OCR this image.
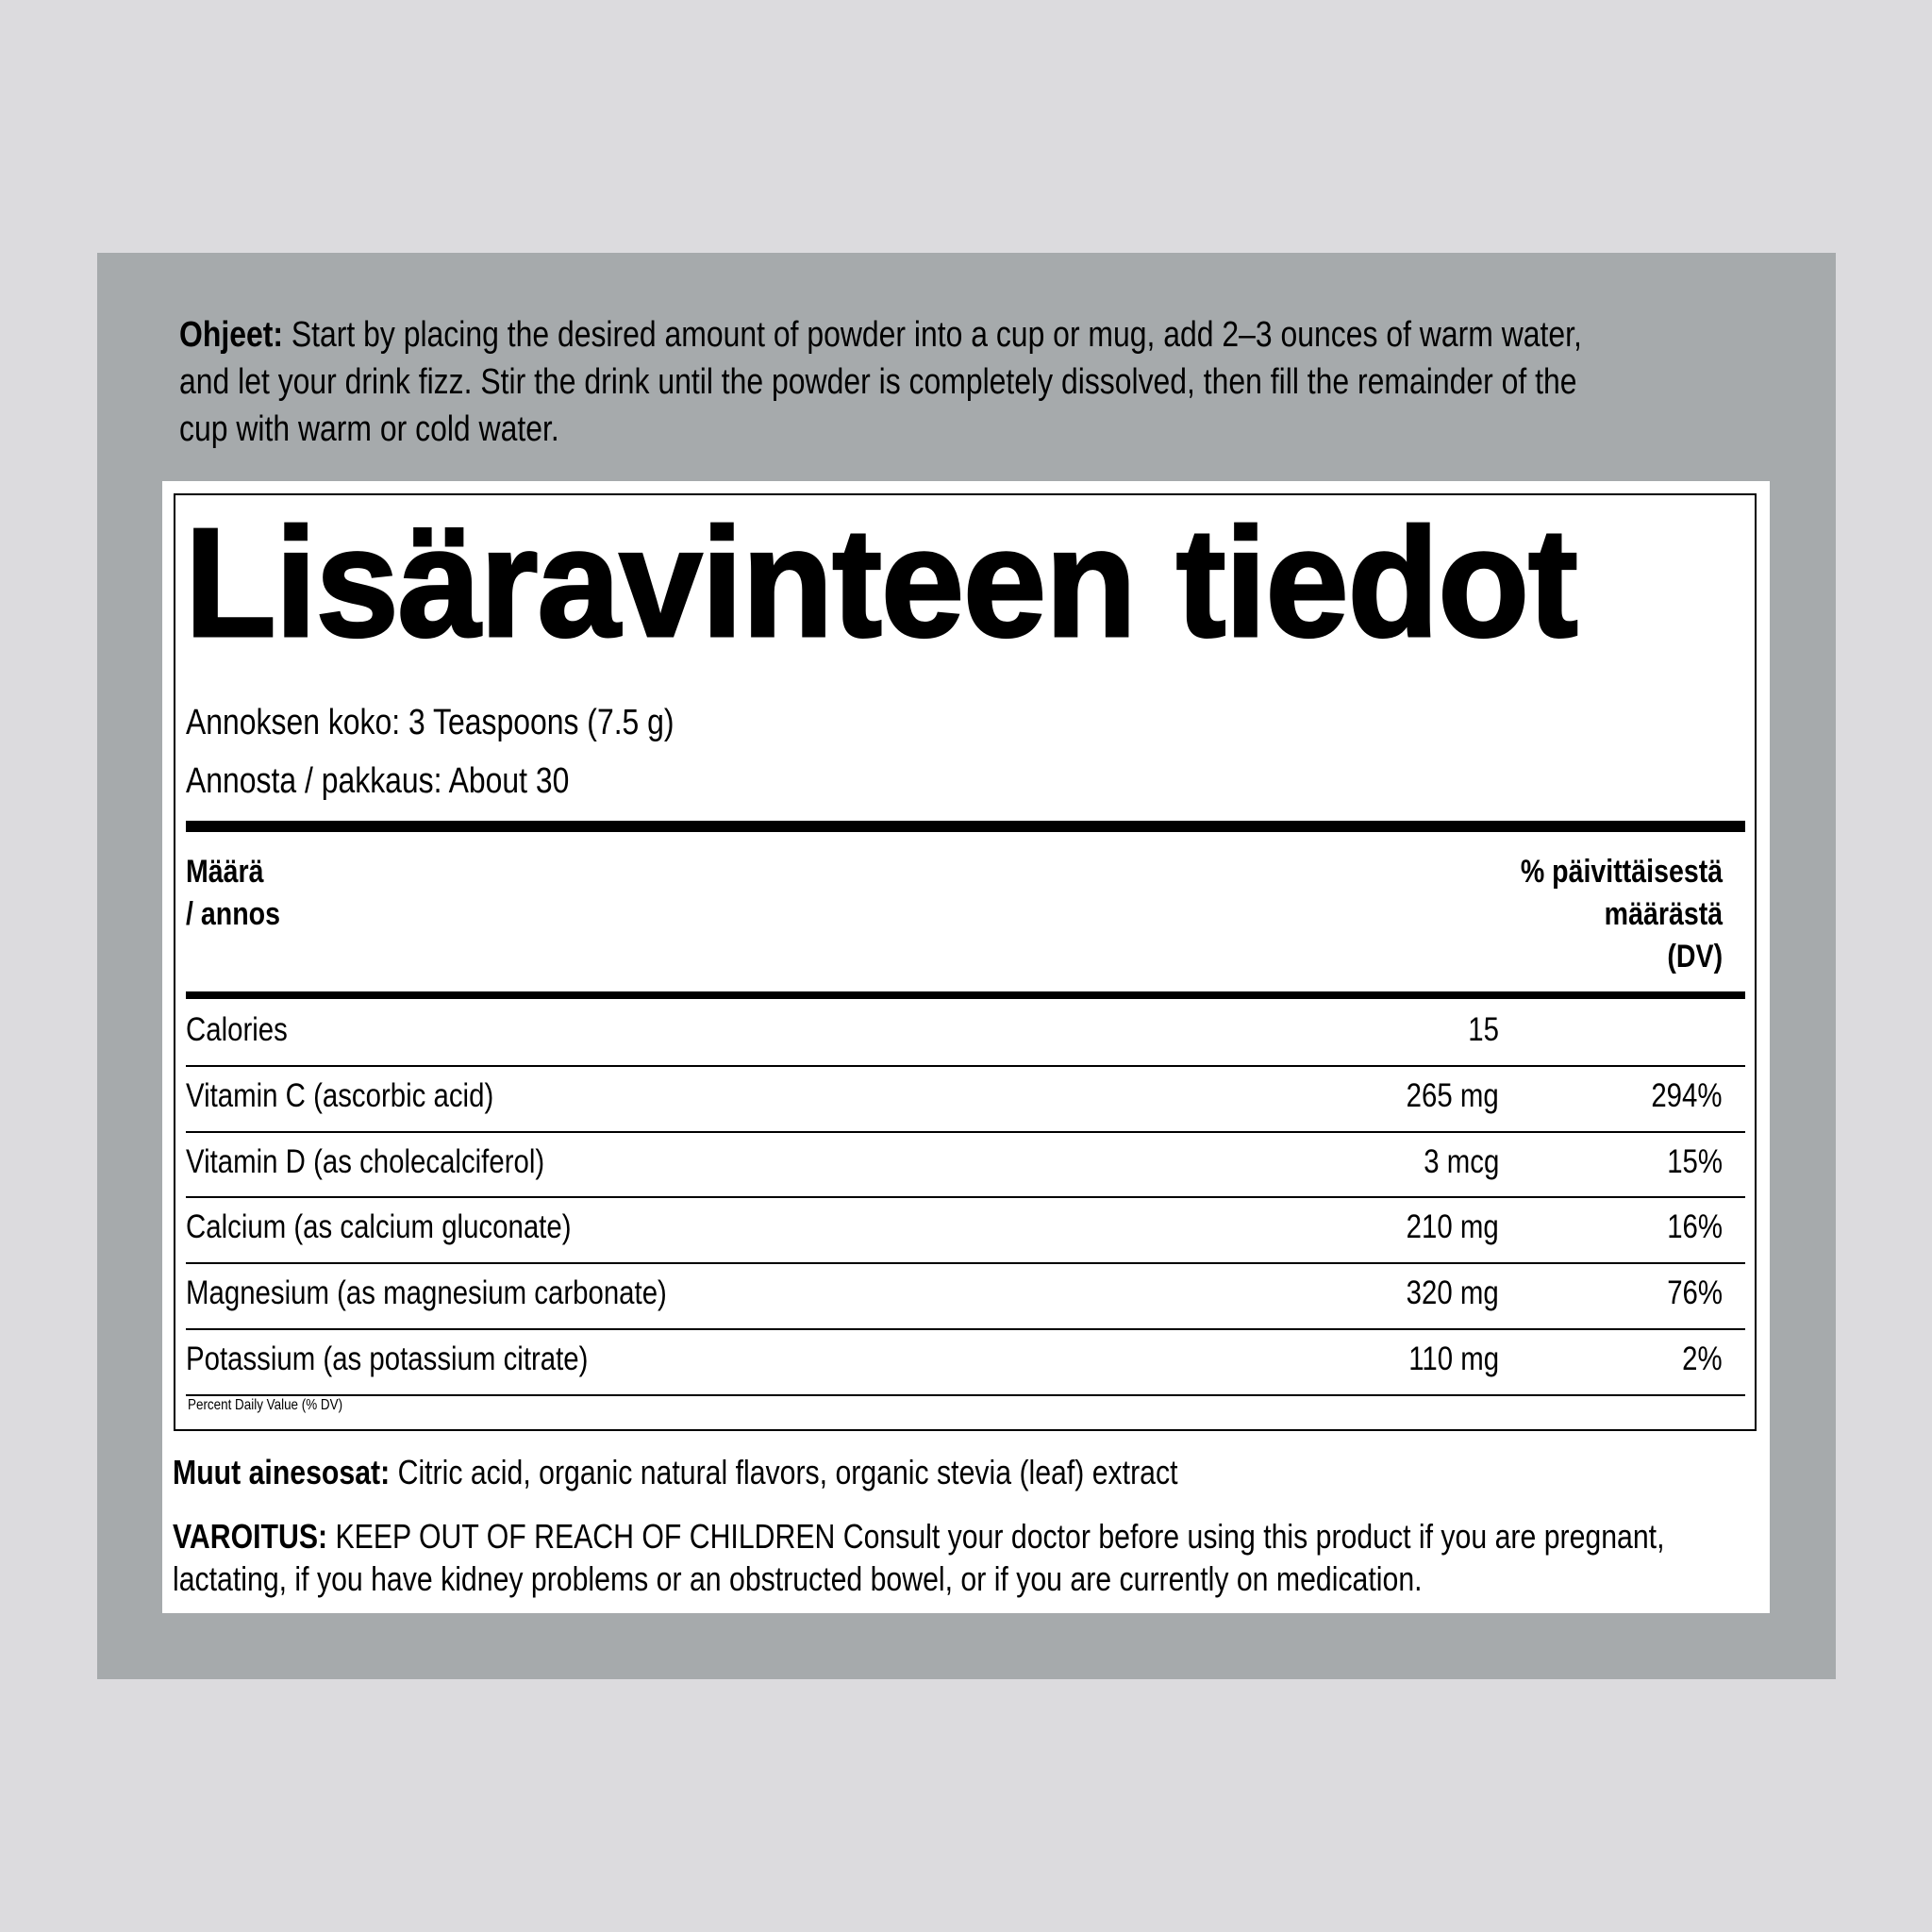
Ohjeet: Start by placing the desired amount of powder into a cup or mug, add 2–3 ounces of warm water,
and let your drink fizz. Stir the drink until the powder is completely dissolved, then fill the remainder of the
cup with warm or cold water.
Lisäravinteen tiedot
Annoksen koko: 3 Teaspoons (7.5 g)
Annosta / pakkaus: About 30
Määrä
/ annos
% päivittäisestä
määrästä
(DV)
Calories	15
Vitamin C (ascorbic acid)	265 mg	294%
Vitamin D (as cholecalciferol)	3 mcg	15%
Calcium (as calcium gluconate)	210 mg	16%
Magnesium (as magnesium carbonate)	320 mg	76%
Potassium (as potassium citrate)	110 mg	2%
Percent Daily Value (% DV)
Muut ainesosat: Citric acid, organic natural flavors, organic stevia (leaf) extract
VAROITUS: KEEP OUT OF REACH OF CHILDREN Consult your doctor before using this product if you are pregnant,
lactating, if you have kidney problems or an obstructed bowel, or if you are currently on medication.
